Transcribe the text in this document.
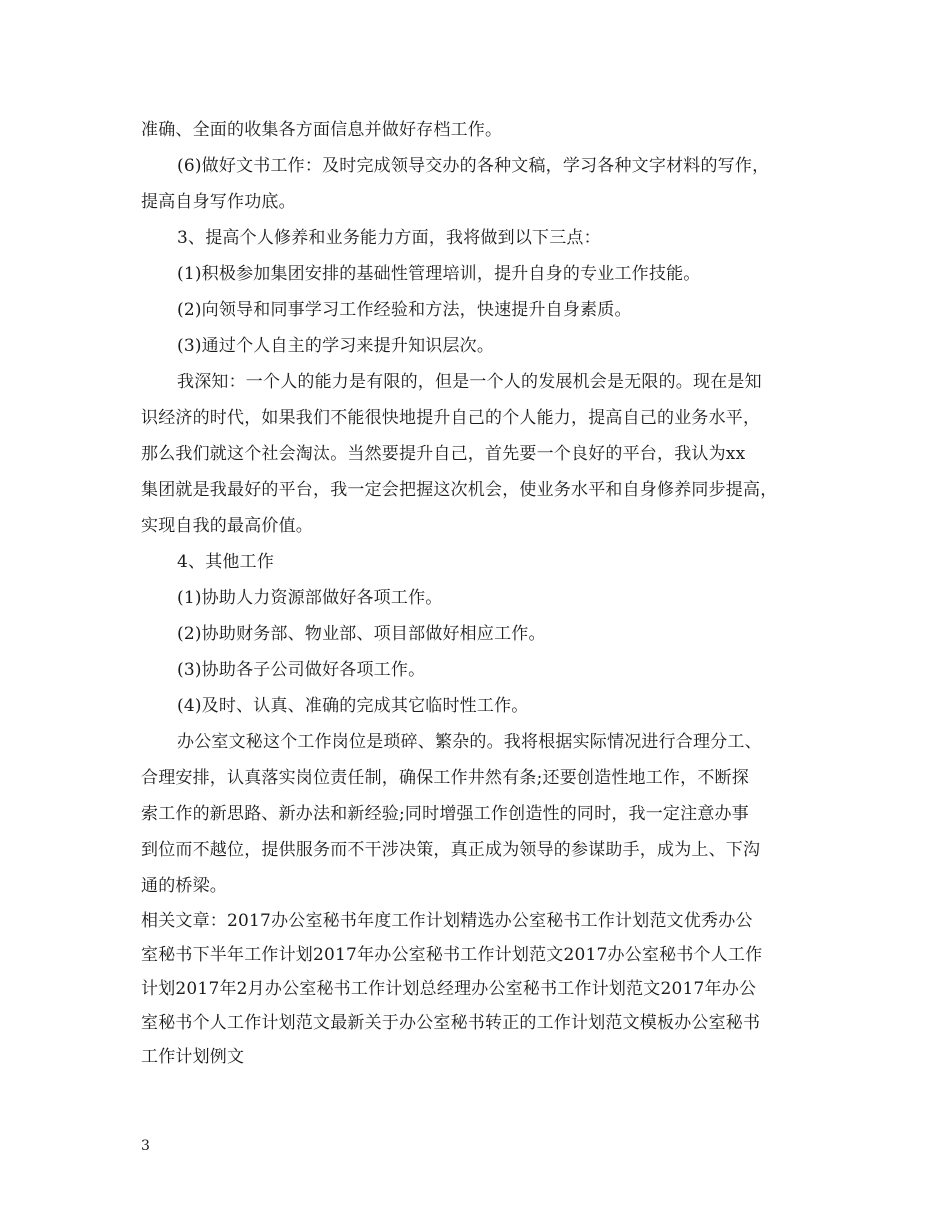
准确、全面的收集各方面信息并做好存档工作。
(6)做好文书工作：及时完成领导交办的各种文稿，学习各种文字材料的写作，
提高自身写作功底。
3、提高个人修养和业务能力方面，我将做到以下三点：
(1)积极参加集团安排的基础性管理培训，提升自身的专业工作技能。
(2)向领导和同事学习工作经验和方法，快速提升自身素质。
(3)通过个人自主的学习来提升知识层次。
我深知：一个人的能力是有限的，但是一个人的发展机会是无限的。现在是知
识经济的时代，如果我们不能很快地提升自己的个人能力，提高自己的业务水平，
那么我们就这个社会淘汰。当然要提升自己，首先要一个良好的平台，我认为xx
集团就是我最好的平台，我一定会把握这次机会，使业务水平和自身修养同步提高，
实现自我的最高价值。
4、其他工作
(1)协助人力资源部做好各项工作。
(2)协助财务部、物业部、项目部做好相应工作。
(3)协助各子公司做好各项工作。
(4)及时、认真、准确的完成其它临时性工作。
办公室文秘这个工作岗位是琐碎、繁杂的。我将根据实际情况进行合理分工、
合理安排，认真落实岗位责任制，确保工作井然有条;还要创造性地工作，不断探
索工作的新思路、新办法和新经验;同时增强工作创造性的同时，我一定注意办事
到位而不越位，提供服务而不干涉决策，真正成为领导的参谋助手，成为上、下沟
通的桥梁。
相关文章：2017办公室秘书年度工作计划精选办公室秘书工作计划范文优秀办公
室秘书下半年工作计划2017年办公室秘书工作计划范文2017办公室秘书个人工作
计划2017年2月办公室秘书工作计划总经理办公室秘书工作计划范文2017年办公
室秘书个人工作计划范文最新关于办公室秘书转正的工作计划范文模板办公室秘书
工作计划例文
3
